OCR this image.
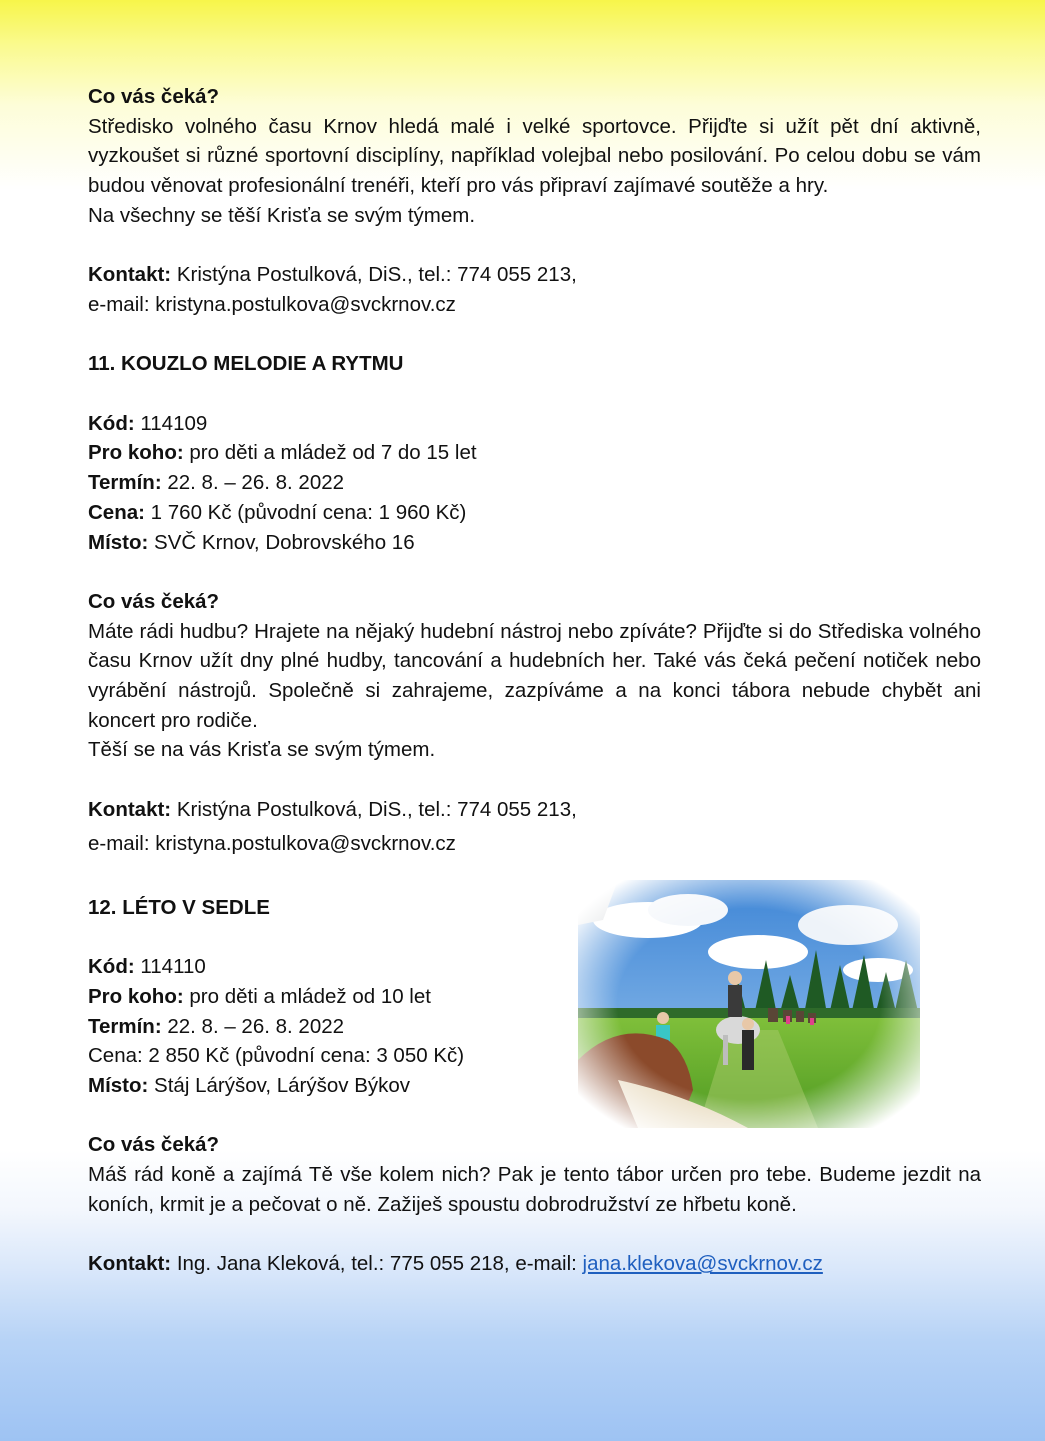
Co vás čeká?

Středisko volného času Krnov hledá malé i velké sportovce. Přijďte si užít pět dní aktivně, vyzkoušet si různé sportovní disciplíny, například volejbal nebo posilování. Po celou dobu se vám budou věnovat profesionální trenéři, kteří pro vás připraví zajímavé soutěže a hry.

Na všechny se těší Krisťa se svým týmem.

Kontakt: Kristýna Postulková, DiS., tel.: 774 055 213,

e-mail: kristyna.postulkova@svckrnov.cz

11. KOUZLO MELODIE A RYTMU

Kód: 114109

Pro koho: pro děti a mládež od 7 do 15 let

Termín: 22. 8. – 26. 8. 2022

Cena: 1 760 Kč (původní cena: 1 960 Kč)

Místo: SVČ Krnov, Dobrovského 16

Co vás čeká?

Máte rádi hudbu? Hrajete na nějaký hudební nástroj nebo zpíváte? Přijďte si do Střediska volného času Krnov užít dny plné hudby, tancování a hudebních her. Také vás čeká pečení notiček nebo vyrábění nástrojů. Společně si zahrajeme, zazpíváme a na konci tábora nebude chybět ani koncert pro rodiče.

Těší se na vás Krisťa se svým týmem.

Kontakt: Kristýna Postulková, DiS., tel.: 774 055 213,

e-mail: kristyna.postulkova@svckrnov.cz

12. LÉTO V SEDLE

Kód: 114110

Pro koho: pro děti a mládež od 10 let

Termín: 22. 8. – 26. 8. 2022

Cena: 2 850 Kč (původní cena: 3 050 Kč)

Místo: Stáj Lárýšov, Lárýšov Býkov

Co vás čeká?

Máš rád koně a zajímá Tě vše kolem nich? Pak je tento tábor určen pro tebe. Budeme jezdit na koních, krmit je a pečovat o ně. Zažiješ spoustu dobrodružství ze hřbetu koně.

Kontakt: Ing. Jana Kleková, tel.: 775 055 218, e-mail: jana.klekova@svckrnov.cz
